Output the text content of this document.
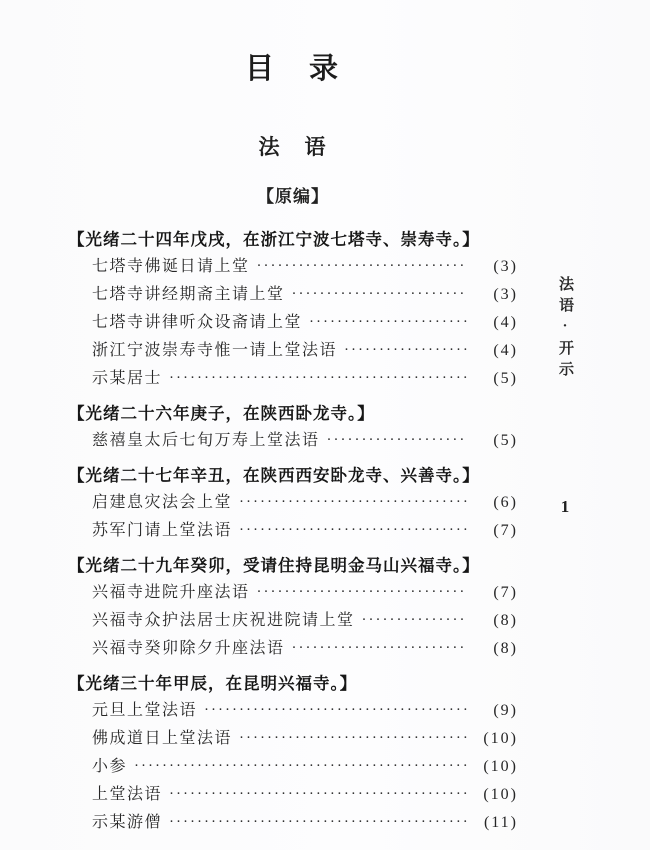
目　录
法　语
【原编】
【光绪二十四年戊戌，在浙江宁波七塔寺、崇寿寺。】
七塔寺佛诞日请上堂 ·····	(3)
七塔寺讲经期斋主请上堂 ·····	(3)
七塔寺讲律听众设斋请上堂 ·····	(4)
浙江宁波崇寿寺惟一请上堂法语 ·····	(4)
示某居士 ·····	(5)
【光绪二十六年庚子，在陕西卧龙寺。】
慈禧皇太后七旬万寿上堂法语 ·····	(5)
【光绪二十七年辛丑，在陕西西安卧龙寺、兴善寺。】
启建息灾法会上堂 ·····	(6)
苏军门请上堂法语 ·····	(7)
【光绪二十九年癸卯，受请住持昆明金马山兴福寺。】
兴福寺进院升座法语 ·····	(7)
兴福寺众护法居士庆祝进院请上堂 ·····	(8)
兴福寺癸卯除夕升座法语 ·····	(8)
【光绪三十年甲辰，在昆明兴福寺。】
元旦上堂法语 ·····	(9)
佛成道日上堂法语 ·····	(10)
小参 ·····	(10)
上堂法语 ·····	(10)
示某游僧 ·····	(11)
法语·开示
1
